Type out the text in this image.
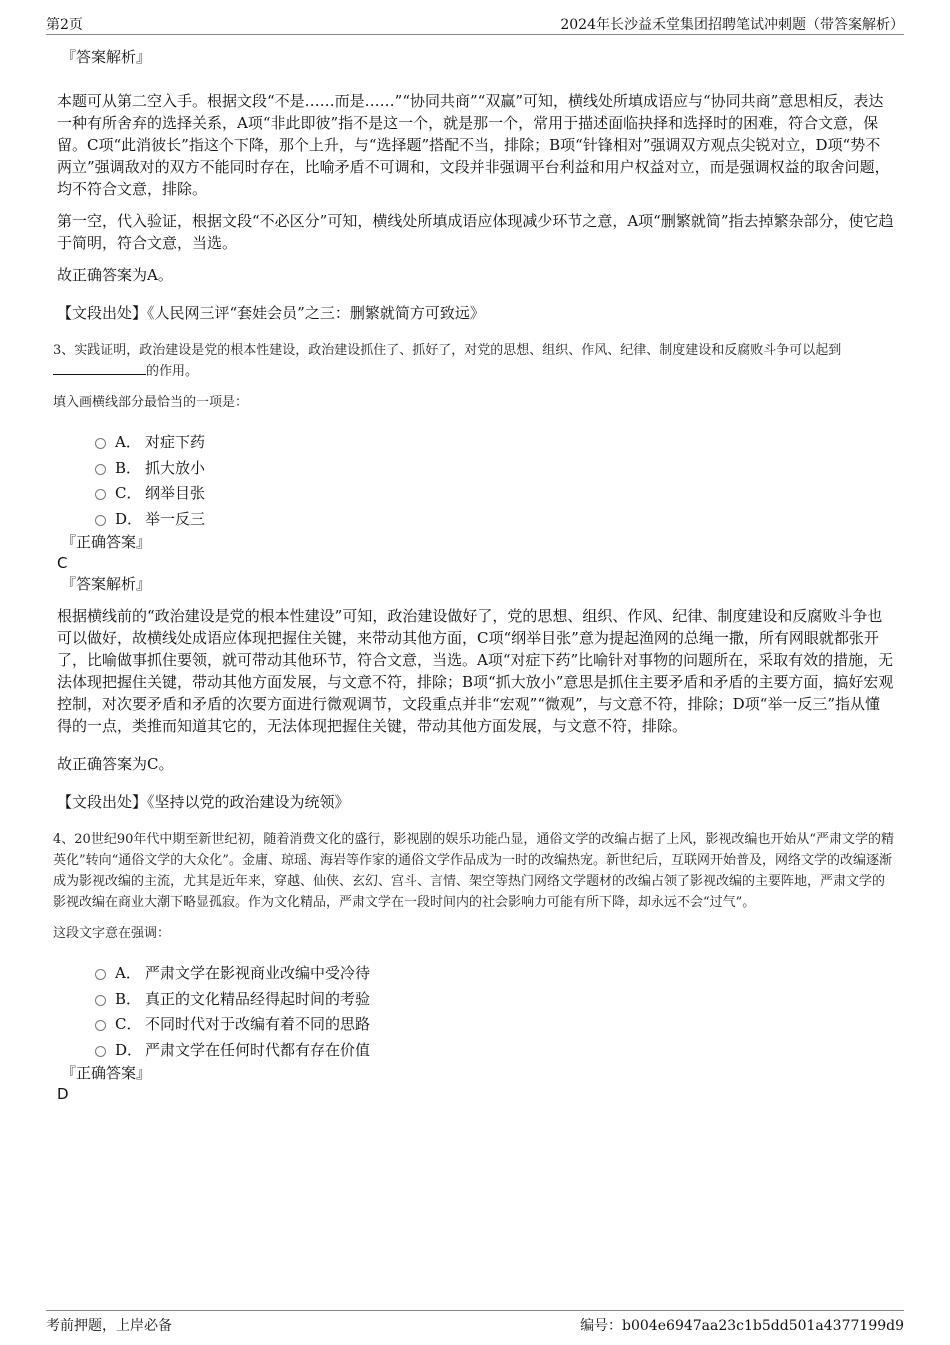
第2页	2024年长沙益禾堂集团招聘笔试冲刺题（带答案解析）

『答案解析』

本题可从第二空入手。根据文段“不是……而是……”“协同共商”“双赢”可知，横线处所填成语应与“协同共商”意思相反，表达一种有所舍弃的选择关系，A项“非此即彼”指不是这一个，就是那一个，常用于描述面临抉择和选择时的困难，符合文意，保留。C项“此消彼长”指这个下降，那个上升，与“选择题”搭配不当，排除；B项“针锋相对”强调双方观点尖锐对立，D项“势不两立”强调敌对的双方不能同时存在，比喻矛盾不可调和，文段并非强调平台利益和用户权益对立，而是强调权益的取舍问题，均不符合文意，排除。

第一空，代入验证，根据文段“不必区分”可知，横线处所填成语应体现减少环节之意，A项“删繁就简”指去掉繁杂部分，使它趋于简明，符合文意，当选。

故正确答案为A。

【文段出处】《人民网三评“套娃会员”之三：删繁就简方可致远》

3、实践证明，政治建设是党的根本性建设，政治建设抓住了、抓好了，对党的思想、组织、作风、纪律、制度建设和反腐败斗争可以起到
的作用。

填入画横线部分最恰当的一项是：

A． 对症下药
B． 抓大放小
C． 纲举目张
D． 举一反三

『正确答案』

C

『答案解析』

根据横线前的“政治建设是党的根本性建设”可知，政治建设做好了，党的思想、组织、作风、纪律、制度建设和反腐败斗争也可以做好，故横线处成语应体现把握住关键，来带动其他方面，C项“纲举目张”意为提起渔网的总绳一撒，所有网眼就都张开了，比喻做事抓住要领，就可带动其他环节，符合文意，当选。A项“对症下药”比喻针对事物的问题所在，采取有效的措施，无法体现把握住关键，带动其他方面发展，与文意不符，排除；B项“抓大放小”意思是抓住主要矛盾和矛盾的主要方面，搞好宏观控制，对次要矛盾和矛盾的次要方面进行微观调节，文段重点并非“宏观”“微观”，与文意不符，排除；D项“举一反三”指从懂得的一点，类推而知道其它的，无法体现把握住关键，带动其他方面发展，与文意不符，排除。

故正确答案为C。

【文段出处】《坚持以党的政治建设为统领》

4、20世纪90年代中期至新世纪初，随着消费文化的盛行，影视剧的娱乐功能凸显，通俗文学的改编占据了上风，影视改编也开始从“严肃文学的精英化”转向“通俗文学的大众化”。金庸、琼瑶、海岩等作家的通俗文学作品成为一时的改编热宠。新世纪后，互联网开始普及，网络文学的改编逐渐成为影视改编的主流，尤其是近年来，穿越、仙侠、玄幻、宫斗、言情、架空等热门网络文学题材的改编占领了影视改编的主要阵地，严肃文学的影视改编在商业大潮下略显孤寂。作为文化精品，严肃文学在一段时间内的社会影响力可能有所下降，却永远不会“过气”。

这段文字意在强调：

A． 严肃文学在影视商业改编中受冷待
B． 真正的文化精品经得起时间的考验
C． 不同时代对于改编有着不同的思路
D． 严肃文学在任何时代都有存在价值

『正确答案』

D

考前押题，上岸必备	编号：b004e6947aa23c1b5dd501a4377199d9
